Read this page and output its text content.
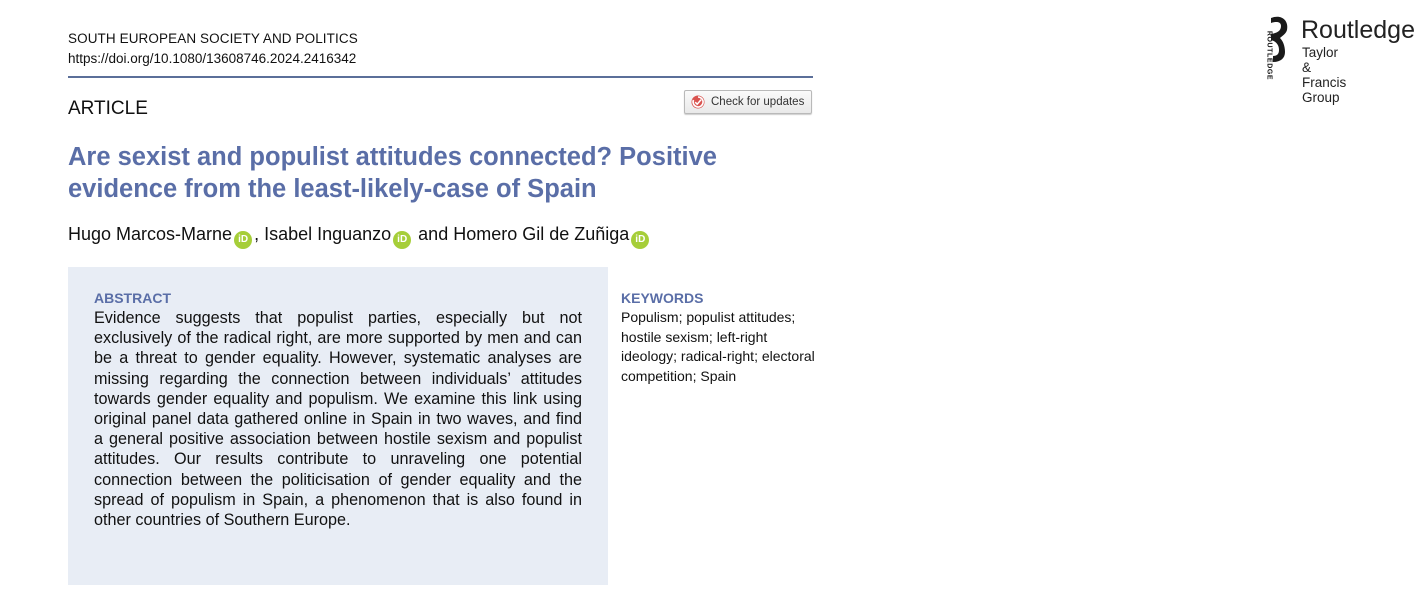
SOUTH EUROPEAN SOCIETY AND POLITICS
https://doi.org/10.1080/13608746.2024.2416342	ROUTLEDGE
Routledge
Taylor & Francis Group
ARTICLE	Check for updates
Are sexist and populist attitudes connected? Positive evidence from the least-likely-case of Spain
Hugo Marcos-Marne iD , Isabel Inguanzo iD and Homero Gil de Zuñiga iD
ABSTRACT
Evidence suggests that populist parties, especially but not exclusively of the radical right, are more supported by men and can be a threat to gender equality. However, systematic analyses are missing regarding the connection between individuals’ attitudes towards gender equality and populism. We examine this link using original panel data gathered online in Spain in two waves, and find a general positive association between hostile sexism and populist attitudes. Our results contribute to unraveling one potential connection between the politicisation of gender equality and the spread of populism in Spain, a phenomenon that is also found in other countries of Southern Europe.
KEYWORDS
Populism; populist attitudes; hostile sexism; left-right ideology; radical-right; electoral competition; Spain
